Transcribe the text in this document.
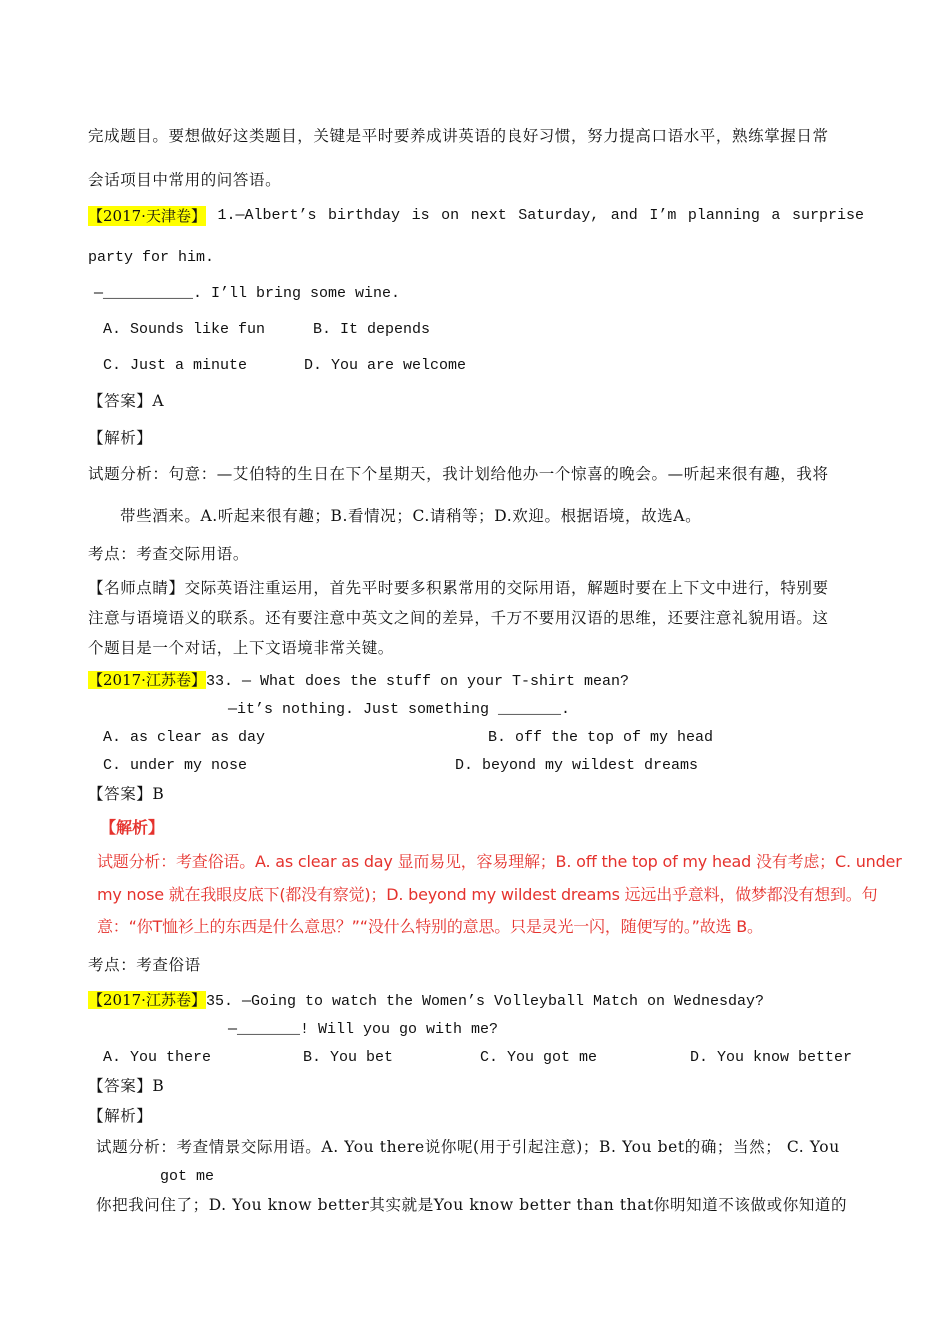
完成题目。要想做好这类题目，关键是平时要养成讲英语的良好习惯，努力提高口语水平，熟练掌握日常
会话项目中常用的问答语。
【2017·天津卷】 1.—Albert’s birthday is on next Saturday, and I’m planning a surprise
party for him.
—__________. I’ll bring some wine.
A. Sounds like fun	B. It depends
C. Just a minute	D. You are welcome
【答案】A
【解析】
试题分析：句意：—艾伯特的生日在下个星期天，我计划给他办一个惊喜的晚会。—听起来很有趣，我将
带些酒来。A.听起来很有趣；B.看情况；C.请稍等；D.欢迎。根据语境，故选A。
考点：考查交际用语。
【名师点睛】交际英语注重运用，首先平时要多积累常用的交际用语，解题时要在上下文中进行，特别要
注意与语境语义的联系。还有要注意中英文之间的差异，千万不要用汉语的思维，还要注意礼貌用语。这
个题目是一个对话，上下文语境非常关键。
【2017·江苏卷】33. — What does the stuff on your T-shirt mean?
—it’s nothing. Just something _______.
A. as clear as day	B. off the top of my head
C. under my nose	D. beyond my wildest dreams
【答案】B
【解析】
试题分析：考查俗语。A. as clear as day 显而易见，容易理解；B. off the top of my head 没有考虑；C. under
my nose 就在我眼皮底下(都没有察觉)；D. beyond my wildest dreams 远远出乎意料，做梦都没有想到。句
意：“你T恤衫上的东西是什么意思？”“没什么特别的意思。只是灵光一闪，随便写的。”故选 B。
考点：考查俗语
【2017·江苏卷】35. —Going to watch the Women’s Volleyball Match on Wednesday?
—_______! Will you go with me?
A. You there	B. You bet	C. You got me	D. You know better
【答案】B
【解析】
试题分析：考查情景交际用语。A. You there说你呢(用于引起注意)；B. You bet的确；当然； C. You
got me
你把我问住了；D. You know better其实就是You know better than that你明知道不该做或你知道的
